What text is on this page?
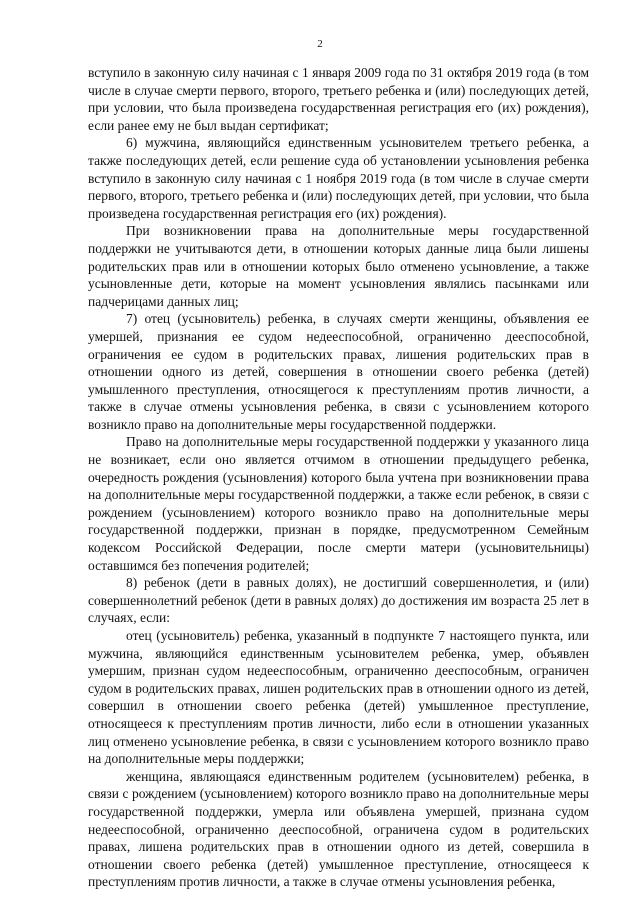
2

вступило в законную силу начиная с 1 января 2009 года по 31 октября 2019 года (в том числе в случае смерти первого, второго, третьего ребенка и (или) последующих детей, при условии, что была произведена государственная регистрация его (их) рождения), если ранее ему не был выдан сертификат;

6) мужчина, являющийся единственным усыновителем третьего ребенка, а также последующих детей, если решение суда об установлении усыновления ребенка вступило в законную силу начиная с 1 ноября 2019 года (в том числе в случае смерти первого, второго, третьего ребенка и (или) последующих детей, при условии, что была произведена государственная регистрация его (их) рождения).

При возникновении права на дополнительные меры государственной поддержки не учитываются дети, в отношении которых данные лица были лишены родительских прав или в отношении которых было отменено усыновление, а также усыновленные дети, которые на момент усыновления являлись пасынками или падчерицами данных лиц;

7) отец (усыновитель) ребенка, в случаях смерти женщины, объявления ее умершей, признания ее судом недееспособной, ограниченно дееспособной, ограничения ее судом в родительских правах, лишения родительских прав в отношении одного из детей, совершения в отношении своего ребенка (детей) умышленного преступления, относящегося к преступлениям против личности, а также в случае отмены усыновления ребенка, в связи с усыновлением которого возникло право на дополнительные меры государственной поддержки.

Право на дополнительные меры государственной поддержки у указанного лица не возникает, если оно является отчимом в отношении предыдущего ребенка, очередность рождения (усыновления) которого была учтена при возникновении права на дополнительные меры государственной поддержки, а также если ребенок, в связи с рождением (усыновлением) которого возникло право на дополнительные меры государственной поддержки, признан в порядке, предусмотренном Семейным кодексом Российской Федерации, после смерти матери (усыновительницы) оставшимся без попечения родителей;

8) ребенок (дети в равных долях), не достигший совершеннолетия, и (или) совершеннолетний ребенок (дети в равных долях) до достижения им возраста 25 лет в случаях, если:

отец (усыновитель) ребенка, указанный в подпункте 7 настоящего пункта, или мужчина, являющийся единственным усыновителем ребенка, умер, объявлен умершим, признан судом недееспособным, ограниченно дееспособным, ограничен судом в родительских правах, лишен родительских прав в отношении одного из детей, совершил в отношении своего ребенка (детей) умышленное преступление, относящееся к преступлениям против личности, либо если в отношении указанных лиц отменено усыновление ребенка, в связи с усыновлением которого возникло право на дополнительные меры поддержки;

женщина, являющаяся единственным родителем (усыновителем) ребенка, в связи с рождением (усыновлением) которого возникло право на дополнительные меры государственной поддержки, умерла или объявлена умершей, признана судом недееспособной, ограниченно дееспособной, ограничена судом в родительских правах, лишена родительских прав в отношении одного из детей, совершила в отношении своего ребенка (детей) умышленное преступление, относящееся к преступлениям против личности, а также в случае отмены усыновления ребенка,
